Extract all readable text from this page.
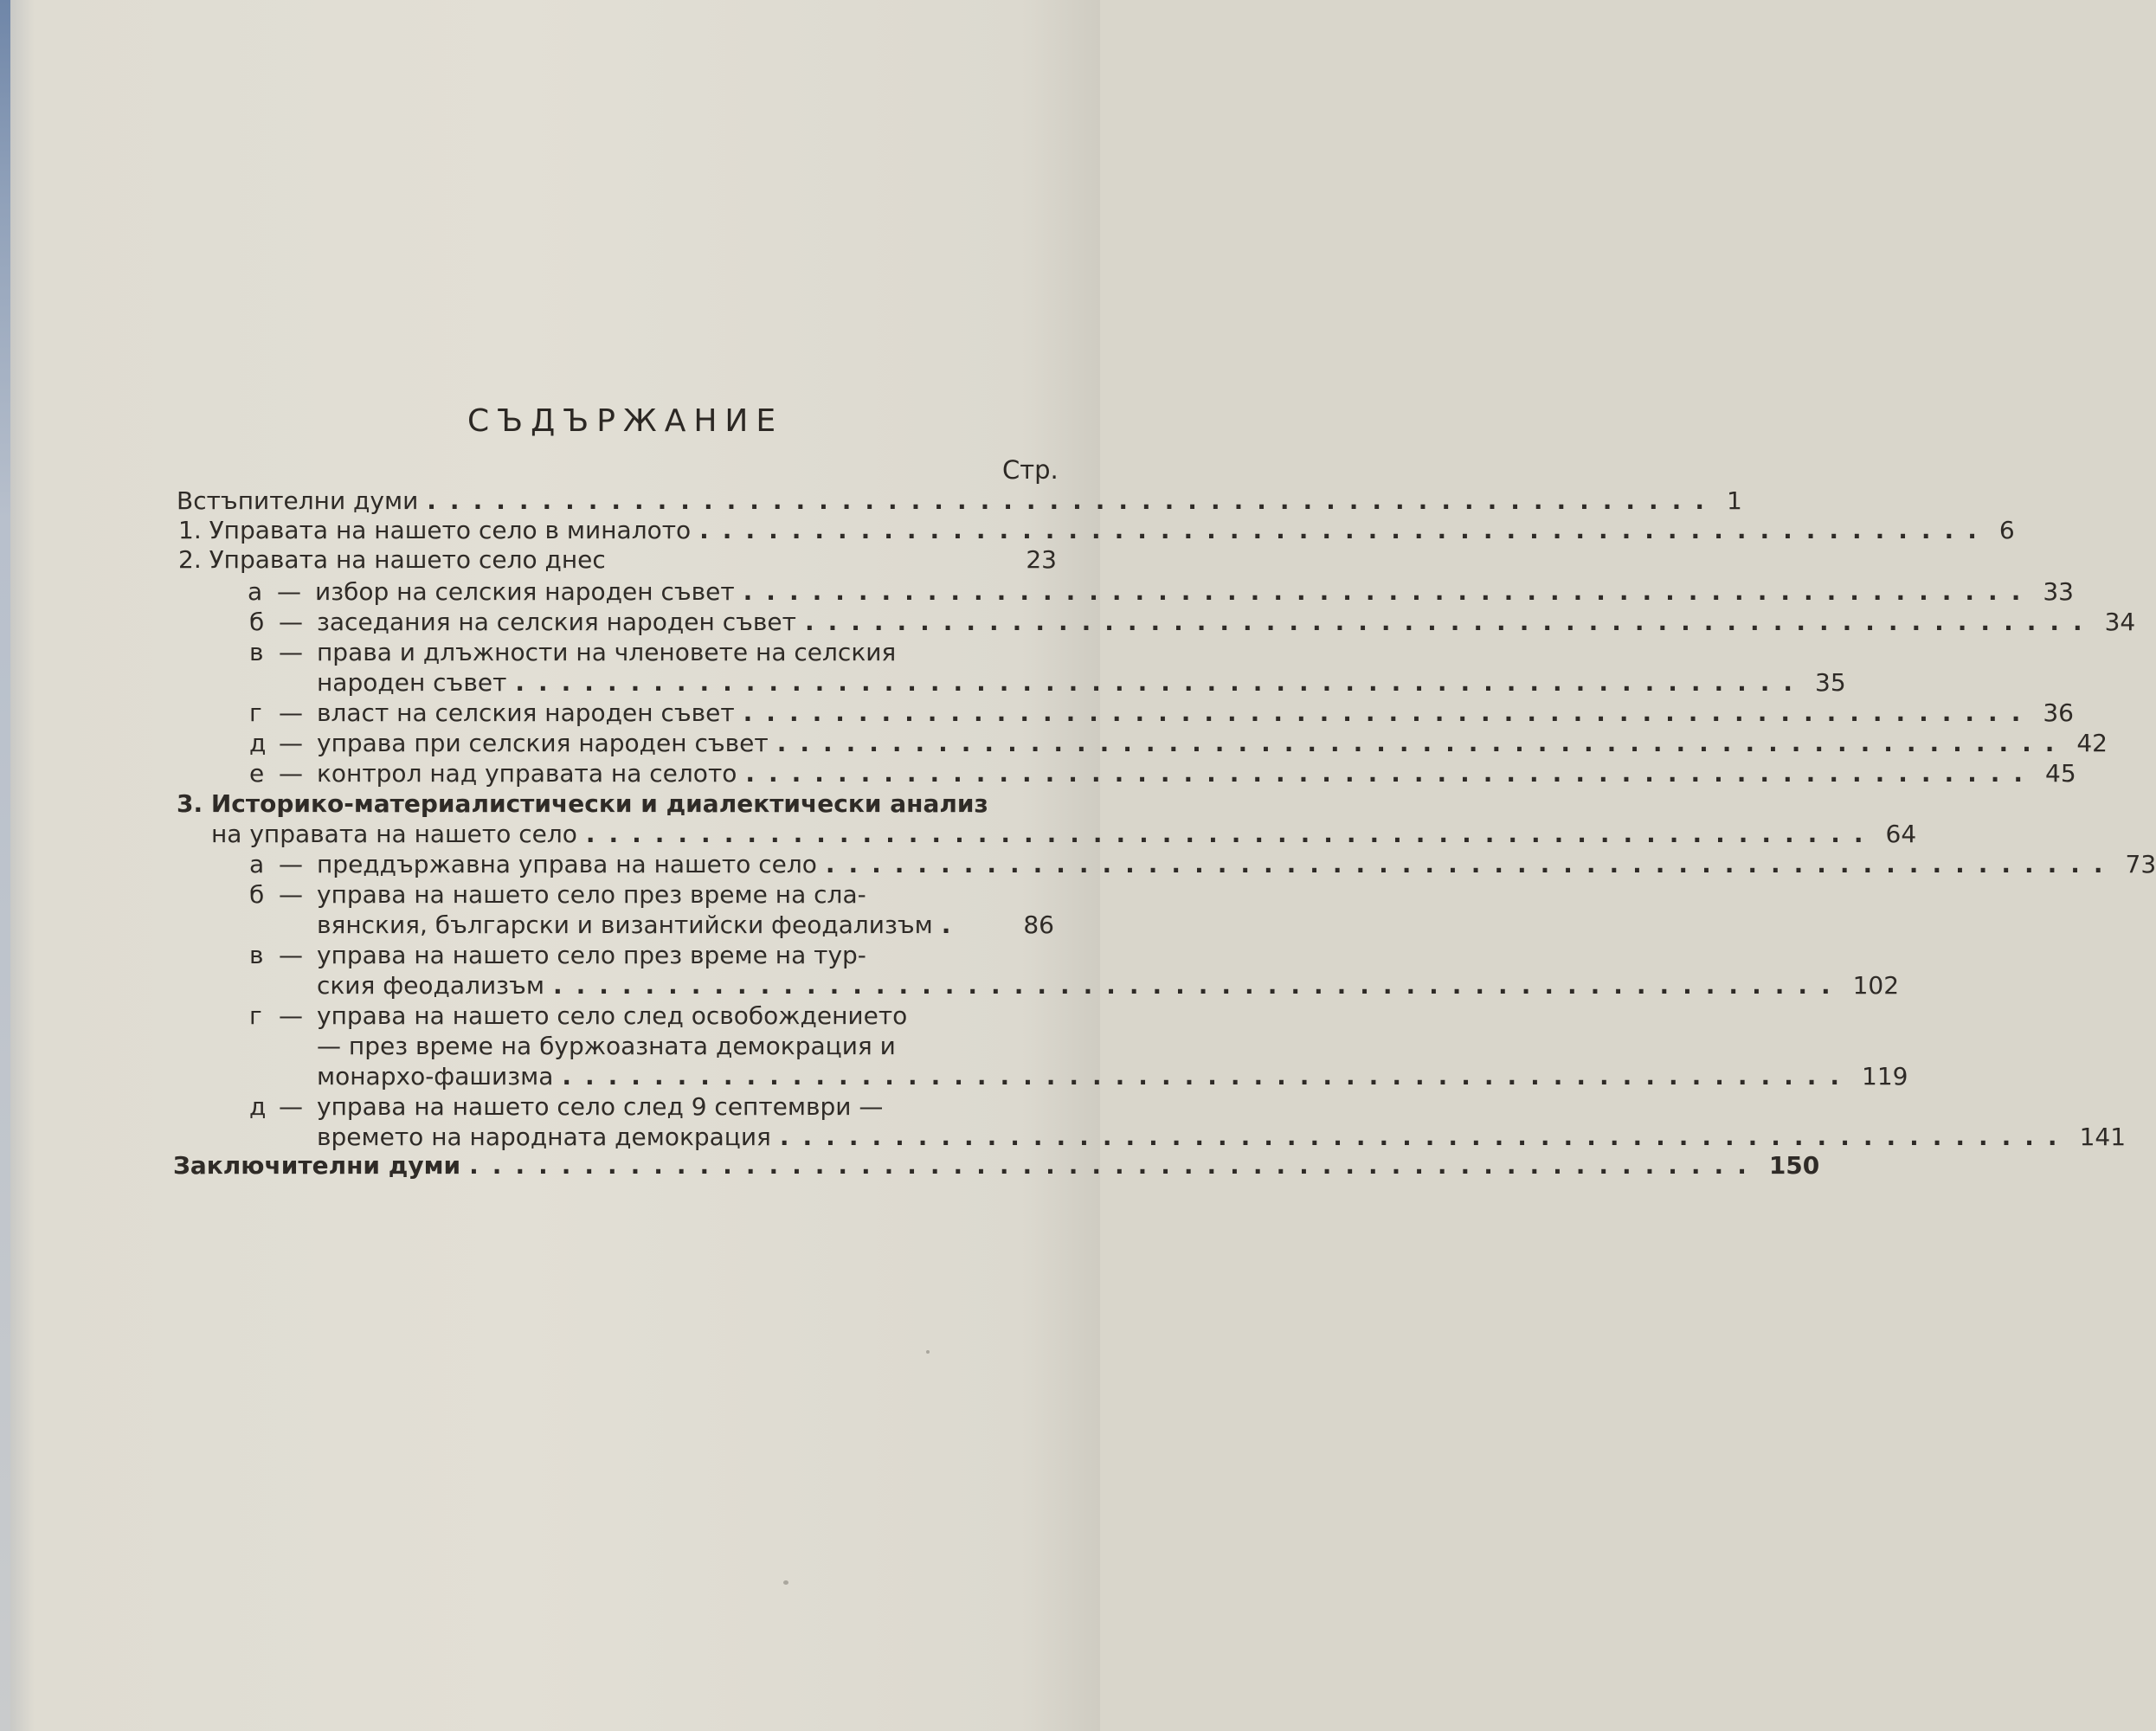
СЪДЪРЖАНИЕ
Стр.
Встъпителни думи ........................................................ 1
1. Управата на нашето село в миналото ........................................................ 6
2. Управата на нашето село днес	23
а — избор на селския народен съвет ........................................................ 33
б — заседания на селския народен съвет ........................................................ 34
в — права и длъжности на членовете на селския
народен съвет ........................................................ 35
г — власт на селския народен съвет ........................................................ 36
д — управа при селския народен съвет ........................................................ 42
е — контрол над управата на селото ........................................................ 45
3. Историко-материалистически и диалектически анализ
на управата на нашето село ........................................................ 64
а — преддържавна управа на нашето село ........................................................ 73
б — управа на нашето село през време на сла-
вянския, български и византийски феодализъм .	86
в — управа на нашето село през време на тур-
ския феодализъм ........................................................ 102
г — управа на нашето село след освобождението
— през време на буржоазната демокрация и
монархо-фашизма ........................................................ 119
д — управа на нашето село след 9 септември —
времето на народната демокрация ........................................................ 141
Заключителни думи ........................................................ 150
